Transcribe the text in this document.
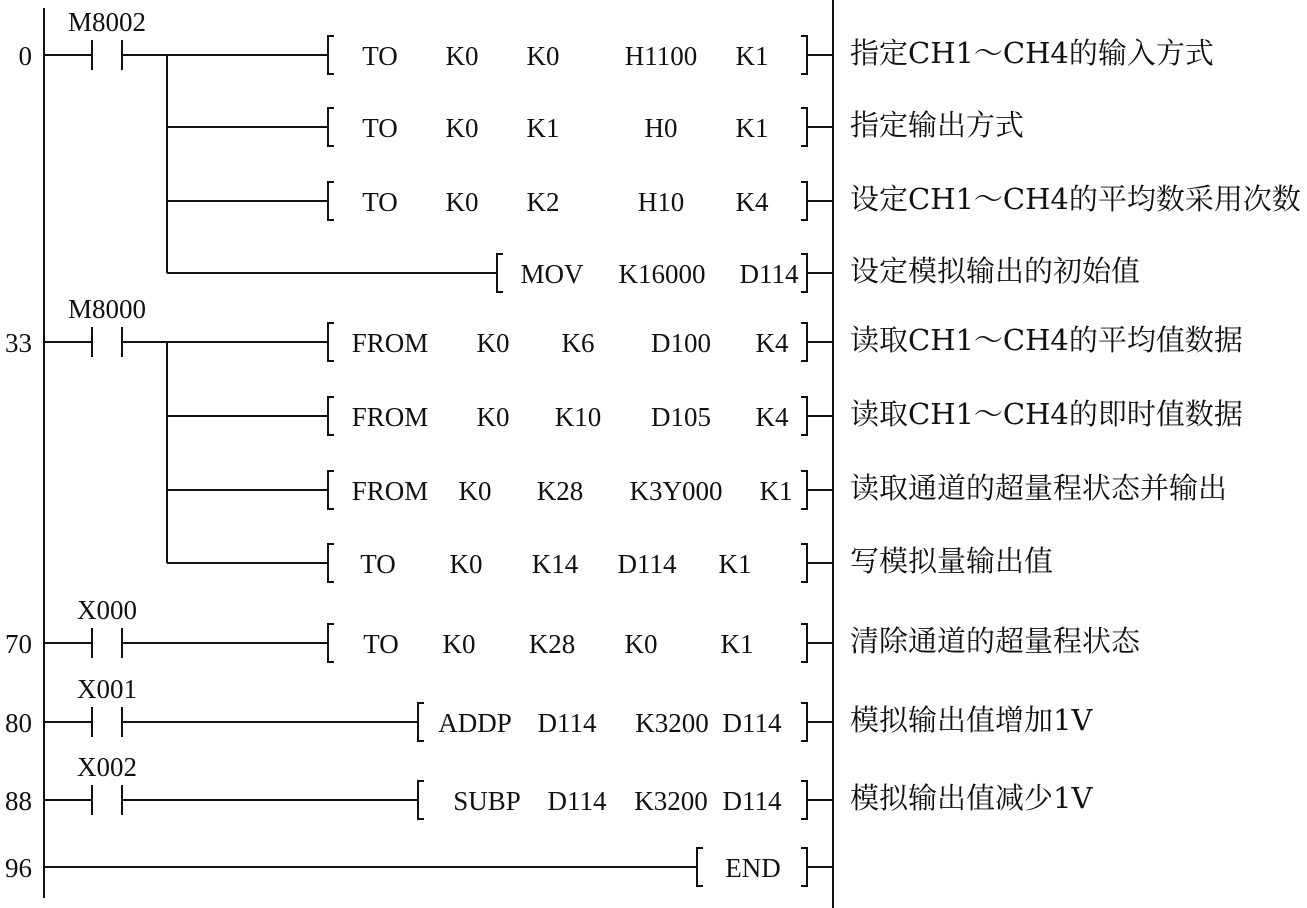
0
M8002
TO K0 K0 H1100 K1
TO K0 K1	H0 K1
TO K0 K2	H10 K4
MOV K16000 D114
33
M8000
FROM K0 K6 D100 K4
FROM K0 K10 D105 K4
FROM K0 K28 K3Y000 K1
TO K0 K14 D114 K1
70
X000
TO K0 K28 K0 K1
80
X001
ADDP D114 K3200 D114
88
X002
SUBP D114 K3200 D114
96	END
指定CH1～CH4的输入方式
指定输出方式
设定CH1～CH4的平均数采用次数
设定模拟输出的初始值
读取CH1～CH4的平均值数据
读取CH1～CH4的即时值数据
读取通道的超量程状态并输出
写模拟量输出值
清除通道的超量程状态
模拟输出值增加1V
模拟输出值减少1V
